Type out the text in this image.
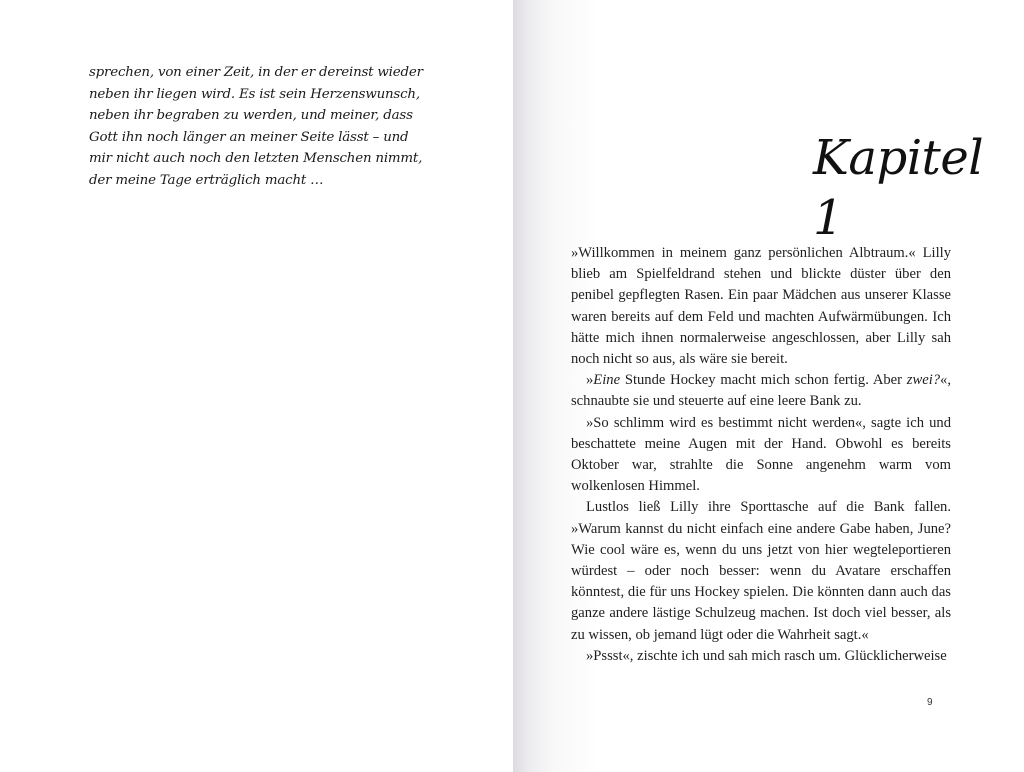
sprechen, von einer Zeit, in der er dereinst wieder neben ihr liegen wird. Es ist sein Herzenswunsch, neben ihr begraben zu werden, und meiner, dass Gott ihn noch länger an meiner Seite lässt – und mir nicht auch noch den letzten Menschen nimmt, der meine Tage erträglich macht …	Kapitel 1

»Willkommen in meinem ganz persönlichen Albtraum.« Lilly blieb am Spielfeldrand stehen und blickte düster über den penibel gepflegten Rasen. Ein paar Mädchen aus unserer Klasse waren bereits auf dem Feld und machten Aufwärmübungen. Ich hätte mich ihnen normalerweise angeschlossen, aber Lilly sah noch nicht so aus, als wäre sie bereit.

»Eine Stunde Hockey macht mich schon fertig. Aber zwei?«, schnaubte sie und steuerte auf eine leere Bank zu.

»So schlimm wird es bestimmt nicht werden«, sagte ich und beschattete meine Augen mit der Hand. Obwohl es bereits Oktober war, strahlte die Sonne angenehm warm vom wolkenlosen Himmel.

Lustlos ließ Lilly ihre Sporttasche auf die Bank fallen. »Warum kannst du nicht einfach eine andere Gabe haben, June? Wie cool wäre es, wenn du uns jetzt von hier wegteleportieren würdest – oder noch besser: wenn du Avatare erschaffen könntest, die für uns Hockey spielen. Die könnten dann auch das ganze andere lästige Schulzeug machen. Ist doch viel besser, als zu wissen, ob jemand lügt oder die Wahrheit sagt.«

»Pssst«, zischte ich und sah mich rasch um. Glücklicherweise

9
